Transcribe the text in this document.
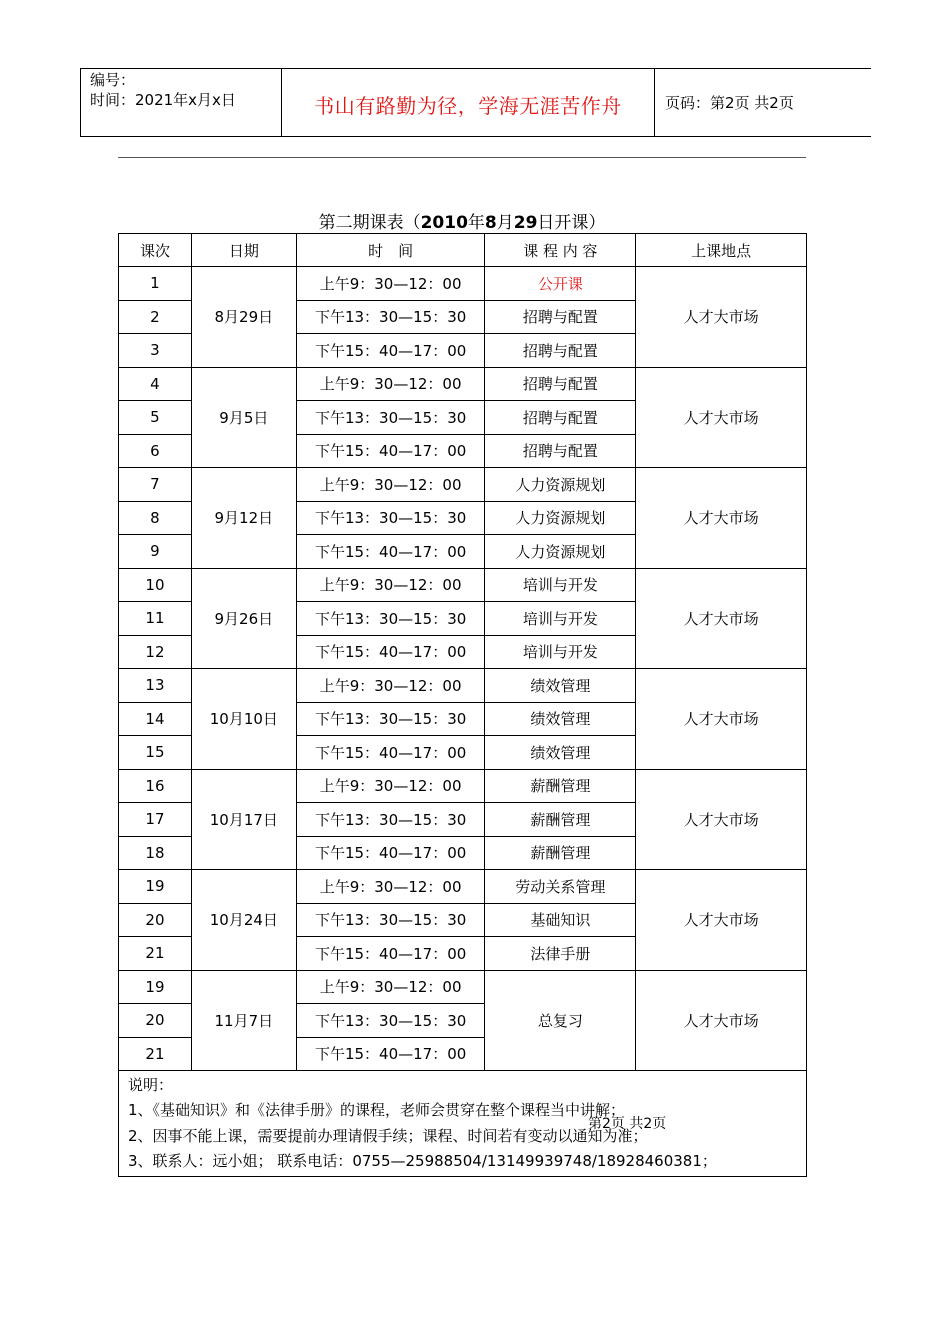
编号：
时间：2021年x月x日	书山有路勤为径，学海无涯苦作舟	页码：第2页 共2页
第二期课表（2010年8月29日开课）
课次	日期	时　间	课 程 内 容	上课地点
1	8月29日	上午9：30—12：00	公开课	人才大市场
2		下午13：30—15：30	招聘与配置	
3		下午15：40—17：00	招聘与配置	
4	9月5日	上午9：30—12：00	招聘与配置	人才大市场
5		下午13：30—15：30	招聘与配置	
6		下午15：40—17：00	招聘与配置	
7	9月12日	上午9：30—12：00	人力资源规划	人才大市场
8		下午13：30—15：30	人力资源规划	
9		下午15：40—17：00	人力资源规划	
10	9月26日	上午9：30—12：00	培训与开发	人才大市场
11		下午13：30—15：30	培训与开发	
12		下午15：40—17：00	培训与开发	
13	10月10日	上午9：30—12：00	绩效管理	人才大市场
14		下午13：30—15：30	绩效管理	
15		下午15：40—17：00	绩效管理	
16	10月17日	上午9：30—12：00	薪酬管理	人才大市场
17		下午13：30—15：30	薪酬管理	
18		下午15：40—17：00	薪酬管理	
19	10月24日	上午9：30—12：00	劳动关系管理	人才大市场
20		下午13：30—15：30	基础知识	
21		下午15：40—17：00	法律手册	
19	11月7日	上午9：30—12：00	总复习	人才大市场
20		下午13：30—15：30		
21		下午15：40—17：00		

说明：
1、《基础知识》和《法律手册》的课程，老师会贯穿在整个课程当中讲解；
2、因事不能上课，需要提前办理请假手续；课程、时间若有变动以通知为准；
3、联系人：远小姐； 联系电话：0755—25988504/13149939748/18928460381；				
第2页 共2页
